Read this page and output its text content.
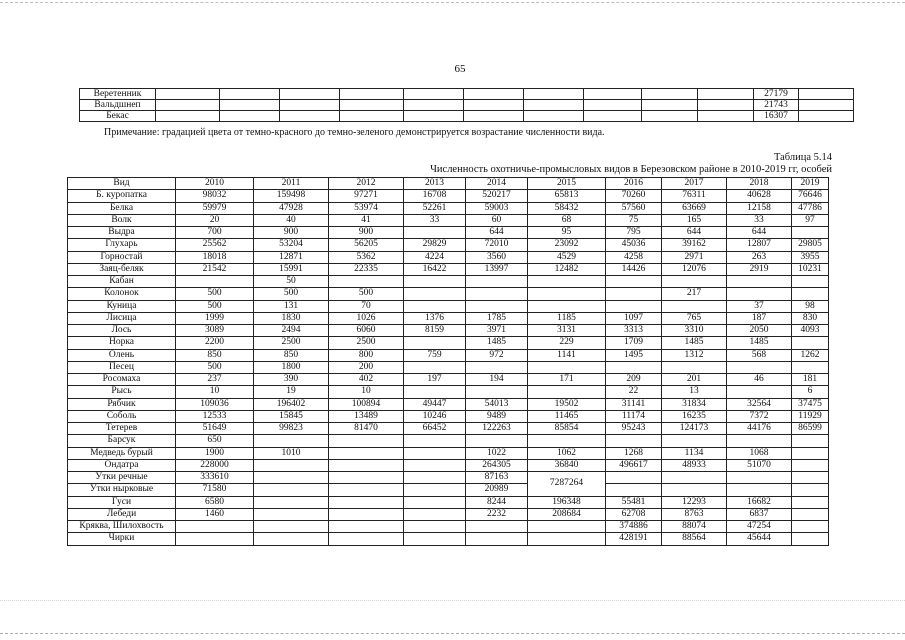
65
Веретенник											27179	
Вальдшнеп											21743	
Бекас											16307	
Примечание: градацией цвета от темно-красного до темно-зеленого демонстрируется возрастание численности вида.
Таблица 5.14
Численность охотничье-промысловых видов в Березовском районе в 2010-2019 гг, особей
Вид	2010	2011	2012	2013	2014	2015	2016	2017	2018	2019
Б. куропатка	98032	159498	97271	16708	520217	65813	70260	76311	40628	76646
Белка	59979	47928	53974	52261	59003	58432	57560	63669	12158	47786
Волк	20	40	41	33	60	68	75	165	33	97
Выдра	700	900	900		644	95	795	644	644	
Глухарь	25562	53204	56205	29829	72010	23092	45036	39162	12807	29805
Горностай	18018	12871	5362	4224	3560	4529	4258	2971	263	3955
Заяц-беляк	21542	15991	22335	16422	13997	12482	14426	12076	2919	10231
Кабан		50								
Колонок	500	500	500					217		
Куница	500	131	70						37	98
Лисица	1999	1830	1026	1376	1785	1185	1097	765	187	830
Лось	3089	2494	6060	8159	3971	3131	3313	3310	2050	4093
Норка	2200	2500	2500		1485	229	1709	1485	1485	
Олень	850	850	800	759	972	1141	1495	1312	568	1262
Песец	500	1800	200							
Росомаха	237	390	402	197	194	171	209	201	46	181
Рысь	10	19	10				22	13		6
Рябчик	109036	196402	100894	49447	54013	19502	31141	31834	32564	37475
Соболь	12533	15845	13489	10246	9489	11465	11174	16235	7372	11929
Тетерев	51649	99823	81470	66452	122263	85854	95243	124173	44176	86599
Барсук	650									
Медведь бурый	1900	1010			1022	1062	1268	1134	1068	
Ондатра	228000				264305	36840	496617	48933	51070	
Утки речные	333610				87163	7287264				
Утки нырковые	71580				20989					
Гуси	6580				8244	196348	55481	12293	16682	
Лебеди	1460				2232	208684	62708	8763	6837	
Кряква, Шилохвость							374886	88074	47254	
Чирки							428191	88564	45644	
